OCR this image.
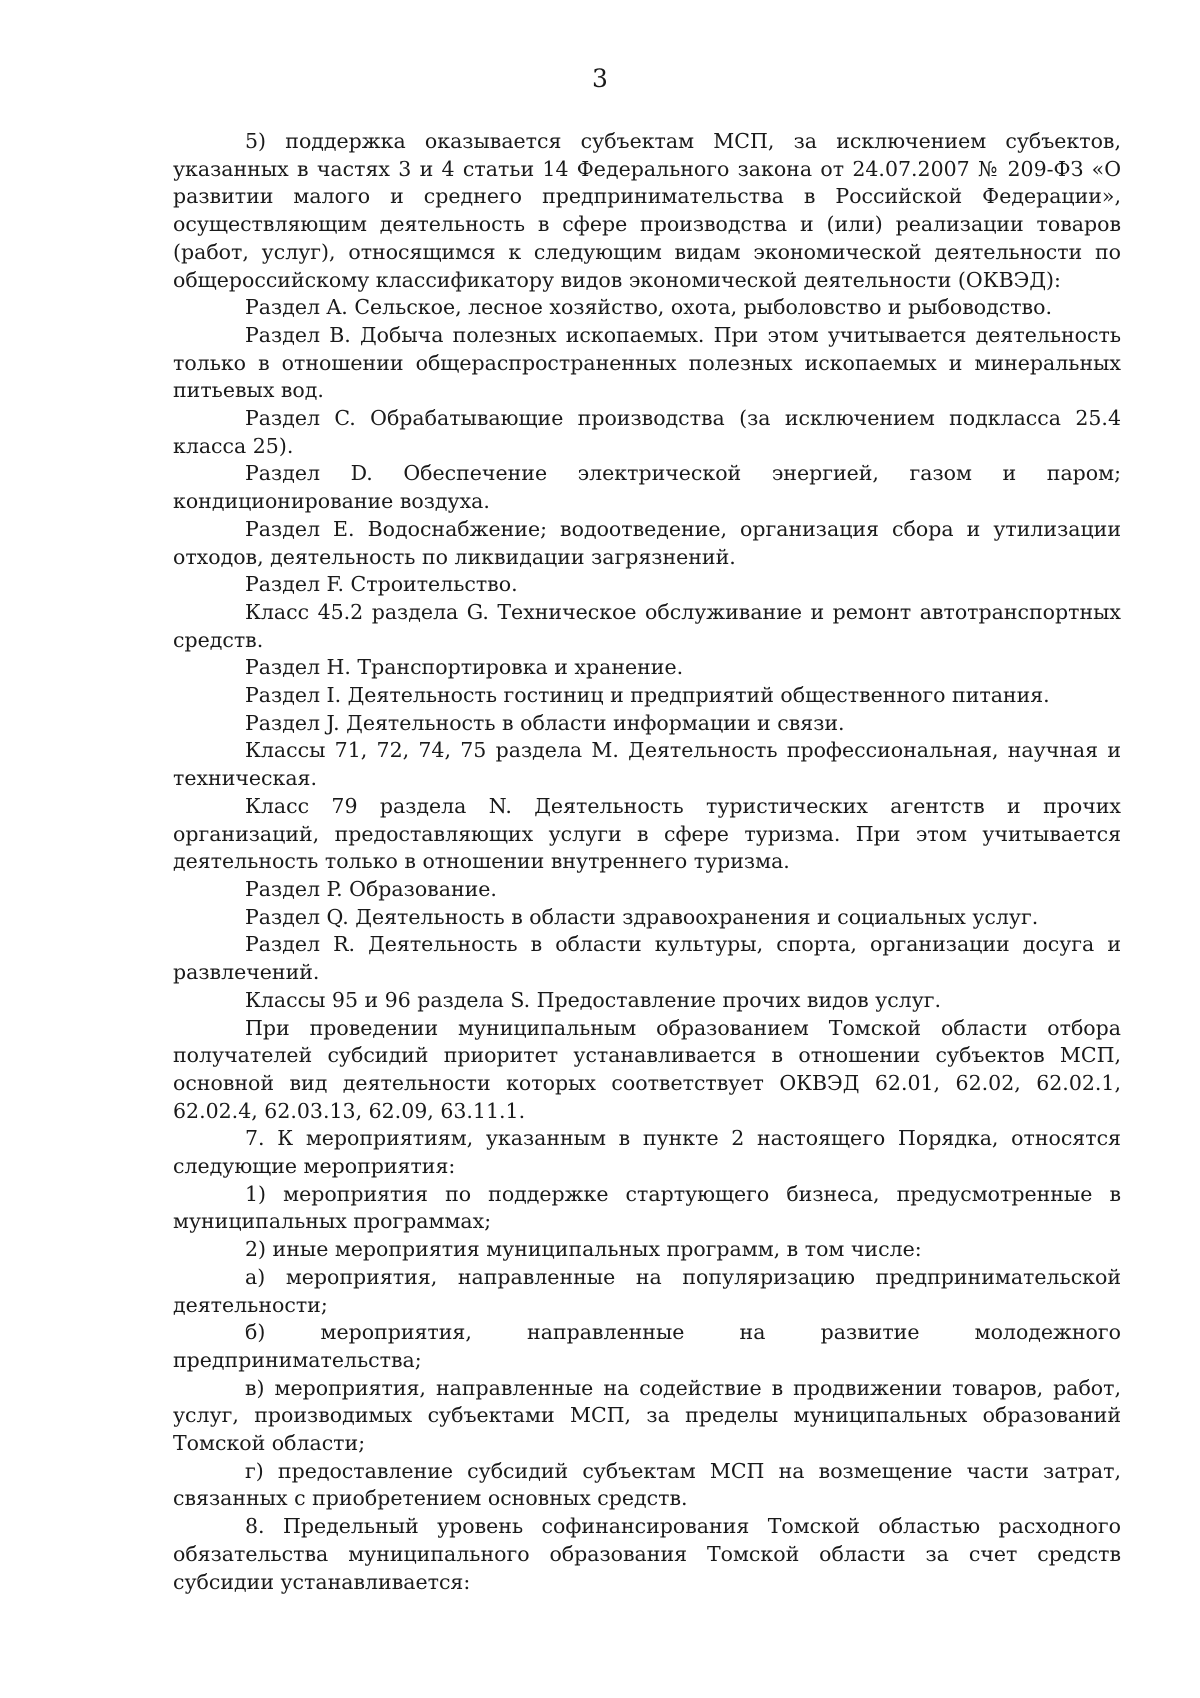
3

5) поддержка оказывается субъектам МСП, за исключением субъектов, указанных в частях 3 и 4 статьи 14 Федерального закона от 24.07.2007 № 209-ФЗ «О развитии малого и среднего предпринимательства в Российской Федерации», осуществляющим деятельность в сфере производства и (или) реализации товаров (работ, услуг), относящимся к следующим видам экономической деятельности по общероссийскому классификатору видов экономической деятельности (ОКВЭД):

Раздел A. Сельское, лесное хозяйство, охота, рыболовство и рыбоводство.

Раздел B. Добыча полезных ископаемых. При этом учитывается деятельность только в отношении общераспространенных полезных ископаемых и минеральных питьевых вод.

Раздел C. Обрабатывающие производства (за исключением подкласса 25.4 класса 25).

Раздел D. Обеспечение электрической энергией, газом и паром; кондиционирование воздуха.

Раздел E. Водоснабжение; водоотведение, организация сбора и утилизации отходов, деятельность по ликвидации загрязнений.

Раздел F. Строительство.

Класс 45.2 раздела G. Техническое обслуживание и ремонт автотранспортных средств.

Раздел H. Транспортировка и хранение.

Раздел I. Деятельность гостиниц и предприятий общественного питания.

Раздел J. Деятельность в области информации и связи.

Классы 71, 72, 74, 75 раздела M. Деятельность профессиональная, научная и техническая.

Класс 79 раздела N. Деятельность туристических агентств и прочих организаций, предоставляющих услуги в сфере туризма. При этом учитывается деятельность только в отношении внутреннего туризма.

Раздел P. Образование.

Раздел Q. Деятельность в области здравоохранения и социальных услуг.

Раздел R. Деятельность в области культуры, спорта, организации досуга и развлечений.

Классы 95 и 96 раздела S. Предоставление прочих видов услуг.

При проведении муниципальным образованием Томской области отбора получателей субсидий приоритет устанавливается в отношении субъектов МСП, основной вид деятельности которых соответствует ОКВЭД 62.01, 62.02, 62.02.1, 62.02.4, 62.03.13, 62.09, 63.11.1.

7. К мероприятиям, указанным в пункте 2 настоящего Порядка, относятся следующие мероприятия:

1) мероприятия по поддержке стартующего бизнеса, предусмотренные в муниципальных программах;

2) иные мероприятия муниципальных программ, в том числе:

а) мероприятия, направленные на популяризацию предпринимательской деятельности;

б) мероприятия, направленные на развитие молодежного предпринимательства;

в) мероприятия, направленные на содействие в продвижении товаров, работ, услуг, производимых субъектами МСП, за пределы муниципальных образований Томской области;

г) предоставление субсидий субъектам МСП на возмещение части затрат, связанных с приобретением основных средств.

8. Предельный уровень софинансирования Томской областью расходного обязательства муниципального образования Томской области за счет средств субсидии устанавливается:
